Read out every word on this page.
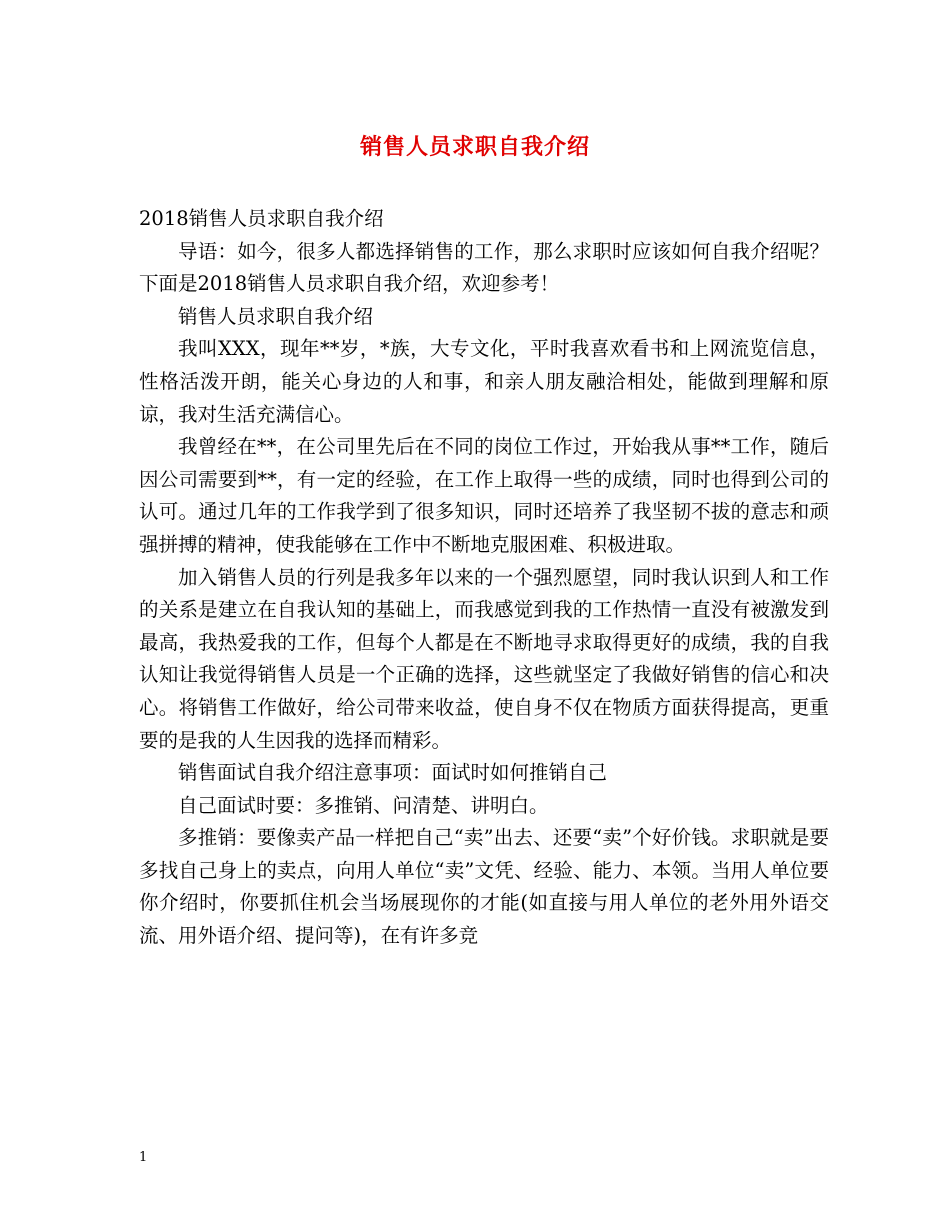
销售人员求职自我介绍

2018销售人员求职自我介绍

导语：如今，很多人都选择销售的工作，那么求职时应该如何自我介绍呢？下面是2018销售人员求职自我介绍，欢迎参考！

销售人员求职自我介绍

我叫XXX，现年**岁，*族，大专文化，平时我喜欢看书和上网流览信息，性格活泼开朗，能关心身边的人和事，和亲人朋友融洽相处，能做到理解和原谅，我对生活充满信心。

我曾经在**，在公司里先后在不同的岗位工作过，开始我从事**工作，随后因公司需要到**，有一定的经验，在工作上取得一些的成绩，同时也得到公司的认可。通过几年的工作我学到了很多知识，同时还培养了我坚韧不拔的意志和顽强拼搏的精神，使我能够在工作中不断地克服困难、积极进取。

加入销售人员的行列是我多年以来的一个强烈愿望，同时我认识到人和工作的关系是建立在自我认知的基础上，而我感觉到我的工作热情一直没有被激发到最高，我热爱我的工作，但每个人都是在不断地寻求取得更好的成绩，我的自我认知让我觉得销售人员是一个正确的选择，这些就坚定了我做好销售的信心和决心。将销售工作做好，给公司带来收益，使自身不仅在物质方面获得提高，更重要的是我的人生因我的选择而精彩。

销售面试自我介绍注意事项：面试时如何推销自己

自己面试时要：多推销、问清楚、讲明白。

多推销：要像卖产品一样把自己“卖”出去、还要“卖”个好价钱。求职就是要多找自己身上的卖点，向用人单位“卖”文凭、经验、能力、本领。当用人单位要你介绍时，你要抓住机会当场展现你的才能(如直接与用人单位的老外用外语交流、用外语介绍、提问等)，在有许多竞

1
